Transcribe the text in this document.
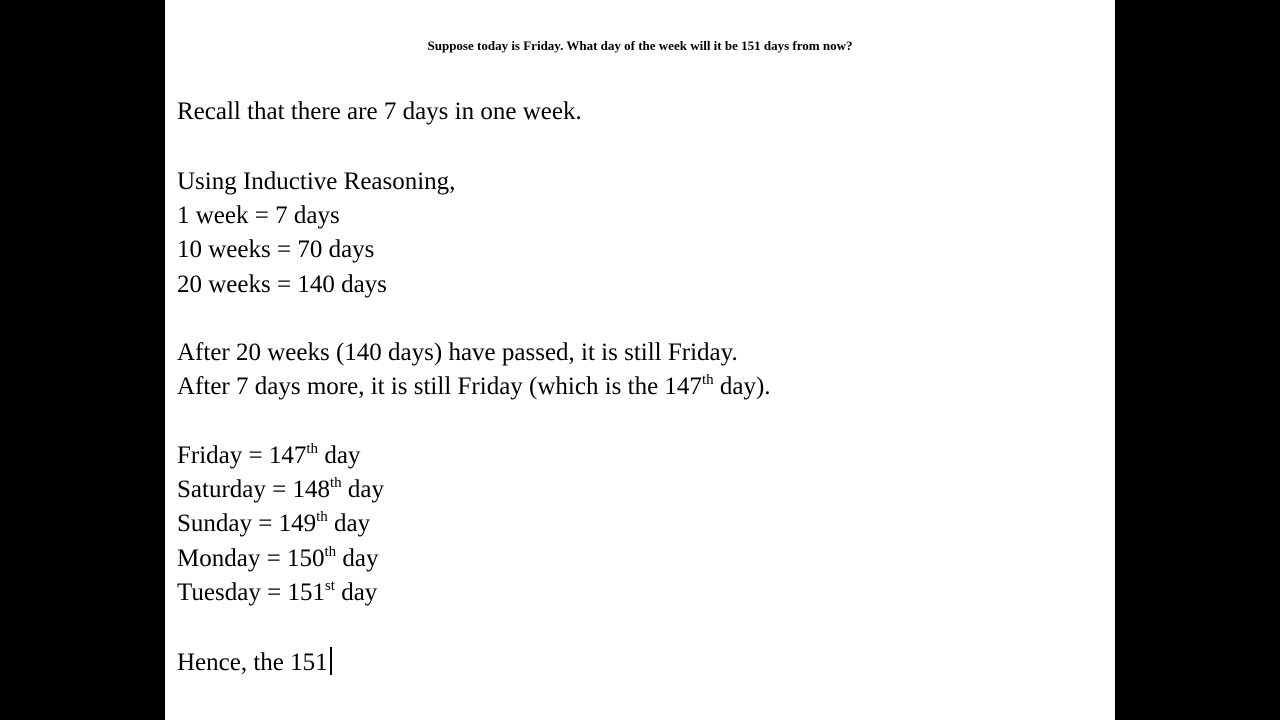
Suppose today is Friday. What day of the week will it be 151 days from now?
Recall that there are 7 days in one week.
Using Inductive Reasoning,
1 week = 7 days
10 weeks = 70 days
20 weeks = 140 days
After 20 weeks (140 days) have passed, it is still Friday.
After 7 days more, it is still Friday (which is the 147th day).
Friday = 147th day
Saturday = 148th day
Sunday = 149th day
Monday = 150th day
Tuesday = 151st day
Hence, the 151
